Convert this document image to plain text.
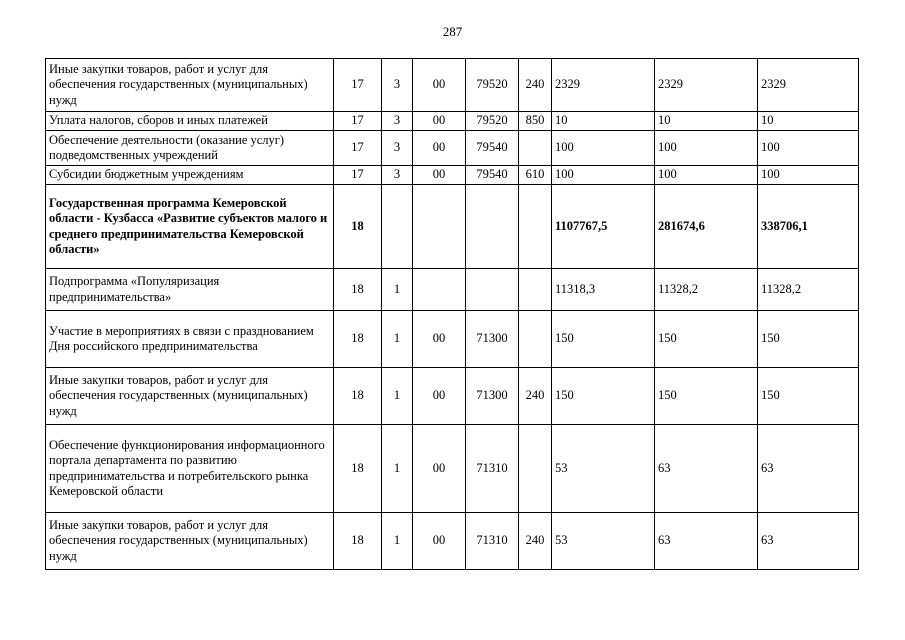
287
Иные закупки товаров, работ и услуг для обеспечения государственных (муниципальных) нужд	17	3	00	79520	240	2329	2329	2329
Уплата налогов, сборов и иных платежей	17	3	00	79520	850	10	10	10
Обеспечение деятельности (оказание услуг) подведомственных учреждений	17	3	00	79540		100	100	100
Субсидии бюджетным учреждениям	17	3	00	79540	610	100	100	100
Государственная программа Кемеровской области - Кузбасса «Развитие субъектов малого и среднего предпринимательства Кемеровской области»	18					1107767,5	281674,6	338706,1
Подпрограмма «Популяризация предпринимательства»	18	1				11318,3	11328,2	11328,2
Участие в мероприятиях в связи с празднованием Дня российского предпринимательства	18	1	00	71300		150	150	150
Иные закупки товаров, работ и услуг для обеспечения государственных (муниципальных) нужд	18	1	00	71300	240	150	150	150
Обеспечение функционирования информационного портала департамента по развитию предпринимательства и потребительского рынка Кемеровской области	18	1	00	71310		53	63	63
Иные закупки товаров, работ и услуг для обеспечения государственных (муниципальных) нужд	18	1	00	71310	240	53	63	63
